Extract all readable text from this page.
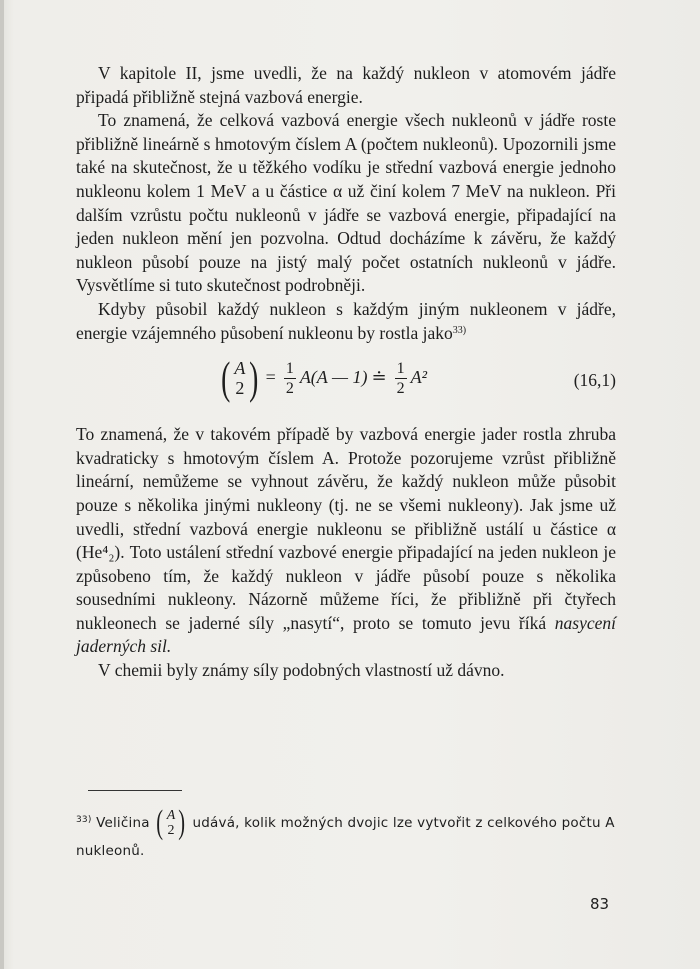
V kapitole II, jsme uvedli, že na každý nukleon v atomovém jádře připadá přibližně stejná vazbová energie.

To znamená, že celková vazbová energie všech nukleonů v jádře roste přibližně lineárně s hmotovým číslem A (počtem nukleonů). Upozornili jsme také na skutečnost, že u těžkého vodíku je střední vazbová energie jednoho nukleonu kolem 1 MeV a u částice α už činí kolem 7 MeV na nukleon. Při dalším vzrůstu počtu nukleonů v jádře se vazbová energie, připadající na jeden nukleon mění jen pozvolna. Odtud docházíme k závěru, že každý nukleon působí pouze na jistý malý počet ostatních nukleonů v jádře. Vysvětlíme si tuto skutečnost podrobněji.

Kdyby působil každý nukleon s každým jiným nukleonem v jádře, energie vzájemného působení nukleonu by rostla jako$^{33)}$

( A
2 ) = $\frac{1}{2} A(A$ — 1) ≐ $\frac{1}{2} A^2$	(16,1)

To znamená, že v takovém případě by vazbová energie jader rostla zhruba kvadraticky s hmotovým číslem A. Protože pozorujeme vzrůst přibližně lineární, nemůžeme se vyhnout závěru, že každý nukleon může působit pouze s několika jinými nukleony (tj. ne se všemi nukleony). Jak jsme už uvedli, střední vazbová energie nukleonu se přibližně ustálí u částice α (He⁴₂). Toto ustálení střední vazbové energie připadající na jeden nukleon je způsobeno tím, že každý nukleon v jádře působí pouze s několika sousedními nukleony. Názorně můžeme říci, že přibližně při čtyřech nukleonech se jaderné síly „nasytí“, proto se tomuto jevu říká nasycení jaderných sil.

V chemii byly známy síly podobných vlastností už dávno.

$^{33)}$ Veličina ( A
2 ) udává, kolik možných dvojic lze vytvořit z celkového počtu A nukleonů.
83
